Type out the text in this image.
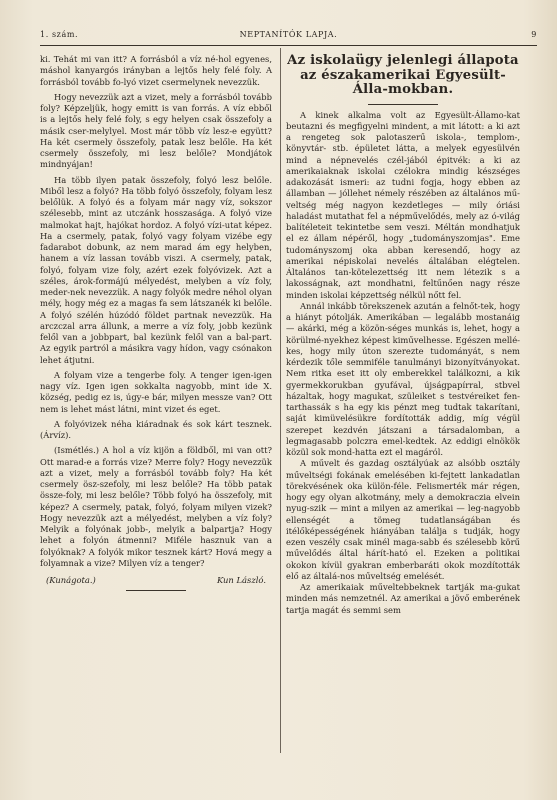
1. szám.	NEPTANÍTÓK LAPJA.	9

ki. Tehát mi van itt? A forrásból a víz né-hol egyenes, máshol kanyargós irányban a lejtős hely felé foly. A forrásból tovább fo-lyó vizet csermelynek nevezzük.

Hogy nevezzük azt a vizet, mely a forrásból tovább foly? Képzeljük, hogy emitt is van forrás. A víz ebből is a lejtős hely felé foly, s egy helyen csak összefoly a másik cser-melylyel. Most már több víz lesz-e együtt? Ha két csermely összefoly, patak lesz belőle. Ha két csermely összefoly, mi lesz belőle? Mondjátok mindnyájan!

Ha több ilyen patak összefoly, folyó lesz belőle. Miből lesz a folyó? Ha több folyó összefoly, folyam lesz belőlük. A folyó és a folyam már nagy víz, sokszor szélesebb, mint az utczánk hosszasága. A folyó vize malmokat hajt, hajókat hordoz. A folyó vízi-utat képez. Ha a csermely, patak, folyó vagy folyam vizébe egy fadarabot dobunk, az nem marad ám egy helyben, hanem a víz lassan tovább viszi. A csermely, patak, folyó, folyam vize foly, azért ezek folyóvizek. Azt a széles, árok-formájú mélyedést, melyben a víz foly, meder-nek nevezzük. A nagy folyók medre néhol olyan mély, hogy még ez a magas fa sem látszanék ki belőle. A folyó szélén húzódó földet partnak nevezzük. Ha arczczal arra állunk, a merre a víz foly, jobb kezünk felől van a jobbpart, bal kezünk felől van a bal-part. Az egyik partról a másikra vagy hídon, vagy csónakon lehet átjutni.

A folyam vize a tengerbe foly. A tenger igen-igen nagy víz. Igen igen sokkalta nagyobb, mint ide X. község, pedig ez is, úgy-e bár, milyen messze van? Ott nem is lehet mást látni, mint vizet és eget.

A folyóvizek néha kiáradnak és sok kárt tesznek. (Árvíz).

(Ismétlés.) A hol a víz kijön a földből, mi van ott? Ott marad-e a forrás vize? Merre foly? Hogy nevezzük azt a vizet, mely a forrásból tovább foly? Ha két csermely ösz-szefoly, mi lesz belőle? Ha több patak össze-foly, mi lesz belőle? Több folyó ha összefoly, mit képez? A csermely, patak, folyó, folyam milyen vizek? Hogy nevezzük azt a mélyedést, melyben a víz foly? Melyik a folyónak jobb-, melyik a balpartja? Hogy lehet a folyón átmenni? Miféle hasznuk van a folyóknak? A folyók mikor tesznek kárt? Hová megy a folyamnak a vize? Milyen víz a tenger?

(Kunágota.)	Kun László.
Az iskolaügy jelenlegi állapota az északamerikai Egyesült-Álla-mokban.

A kinek alkalma volt az Egyesült-Államo-kat beutazni és megfigyelni mindent, a mit látott: a ki azt a rengeteg sok palotaszerű iskola-, templom-, könyvtár- stb. épületet látta, a melyek egyesülvén mind a népnevelés czél-jából épitvék: a ki az amerikaiaknak iskolai czélokra mindig készséges adakozását ismeri: az tudni fogja, hogy ebben az államban — jóllehet némely részében az általános mű-veltség még nagyon kezdetleges — mily óriási haladást mutathat fel a népművelődés, mely az ó-világ balítéleteit tekintetbe sem veszi. Méltán mondhatjuk el ez állam népéről, hogy „tudományszomjas". Eme tudományszomj oka abban keresendő, hogy az amerikai népiskolai nevelés általában elégtelen. Általános tan-kötelezettség itt nem létezik s a lakosságnak, azt mondhatni, feltűnően nagy része minden iskolai képzettség nélkül nőtt fel.

Annál inkább törekszenek azután a felnőt-tek, hogy a hiányt pótolják. Amerikában — legalább mostanáig — akárki, még a közön-séges munkás is, lehet, hogy a körülmé-nyekhez képest kiművelhesse. Egészen mellé-kes, hogy mily úton szerezte tudományát, s nem kérdezik tőle semmiféle tanulmányi bizonyítványokat. Nem ritka eset itt oly emberekkel találkozni, a kik gyermekkorukban gyufával, újságpapírral, stbvel házaltak, hogy magukat, szüleiket s testvéreiket fen-tarthassák s ha egy kis pénzt meg tudtak takarítani, saját kimüvelésükre fordították addig, míg végül szerepet kezdvén játszani a társadalomban, a legmagasabb polczra emel-kedtek. Az eddigi elnökök közül sok mond-hatta ezt el magáról.

A művelt és gazdag osztályúak az alsóbb osztály műveltségi fokának emelésében ki-fejtett lankadatlan törekvésének oka külön-féle. Felismerték már régen, hogy egy olyan alkotmány, mely a demokraczia elvein nyug-szik — mint a milyen az amerikai — leg-nagyobb ellenségét a tömeg tudatlanságában és itélőképességének hiányában találja s tudják, hogy ezen veszély csak minél maga-sabb és szélesebb körű művelődés által hárít-ható el. Ezeken a politikai okokon kívül gyakran emberbaráti okok mozdították elő az általá-nos műveltség emelését.

Az amerikaiak műveltebbeknek tartják ma-gukat minden más nemzetnél. Az amerikai a jövő emberének tartja magát és semmi sem
